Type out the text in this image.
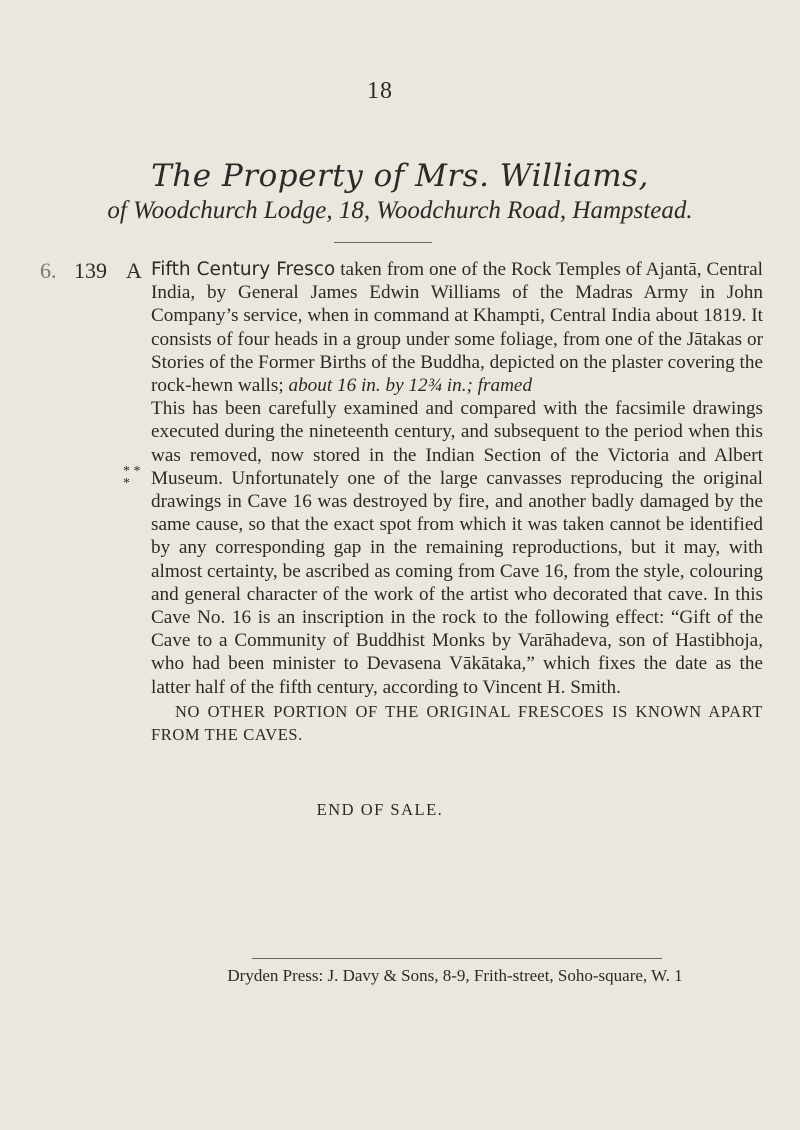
18
The Property of Mrs. Williams,
of Woodchurch Lodge, 18, Woodchurch Road, Hampstead.
6. 139 A Fifth Century Fresco taken from one of the Rock Temples of Ajantā, Central India, by General James Edwin Williams of the Madras Army in John Company’s service, when in command at Khampti, Central India about 1819. It consists of four heads in a group under some foliage, from one of the Jātakas or Stories of the Former Births of the Buddha, depicted on the plaster covering the rock-hewn walls; about 16 in. by 12¾ in.; framed

This has been carefully examined and compared with the facsimile drawings executed during the nineteenth century, and subsequent to the period when this was removed, now stored in the Indian Section of the Victoria and Albert Museum. Unfortunately one of the large canvasses reproducing the original drawings in Cave 16 was destroyed by fire, and another badly damaged by the same cause, so that the exact spot from which it was taken cannot be identified by any corresponding gap in the remaining reproductions, but it may, with almost certainty, be ascribed as coming from Cave 16, from the style, colouring and general character of the work of the artist who decorated that cave. In this Cave No. 16 is an inscription in the rock to the following effect: “Gift of the Cave to a Community of Buddhist Monks by Varāhadeva, son of Hastibhoja, who had been minister to Devasena Vākātaka,” which fixes the date as the latter half of the fifth century, according to Vincent H. Smith.

NO OTHER PORTION OF THE ORIGINAL FRESCOES IS KNOWN APART FROM THE CAVES.

* *
*
END OF SALE.
Dryden Press: J. Davy & Sons, 8-9, Frith-street, Soho-square, W. 1
